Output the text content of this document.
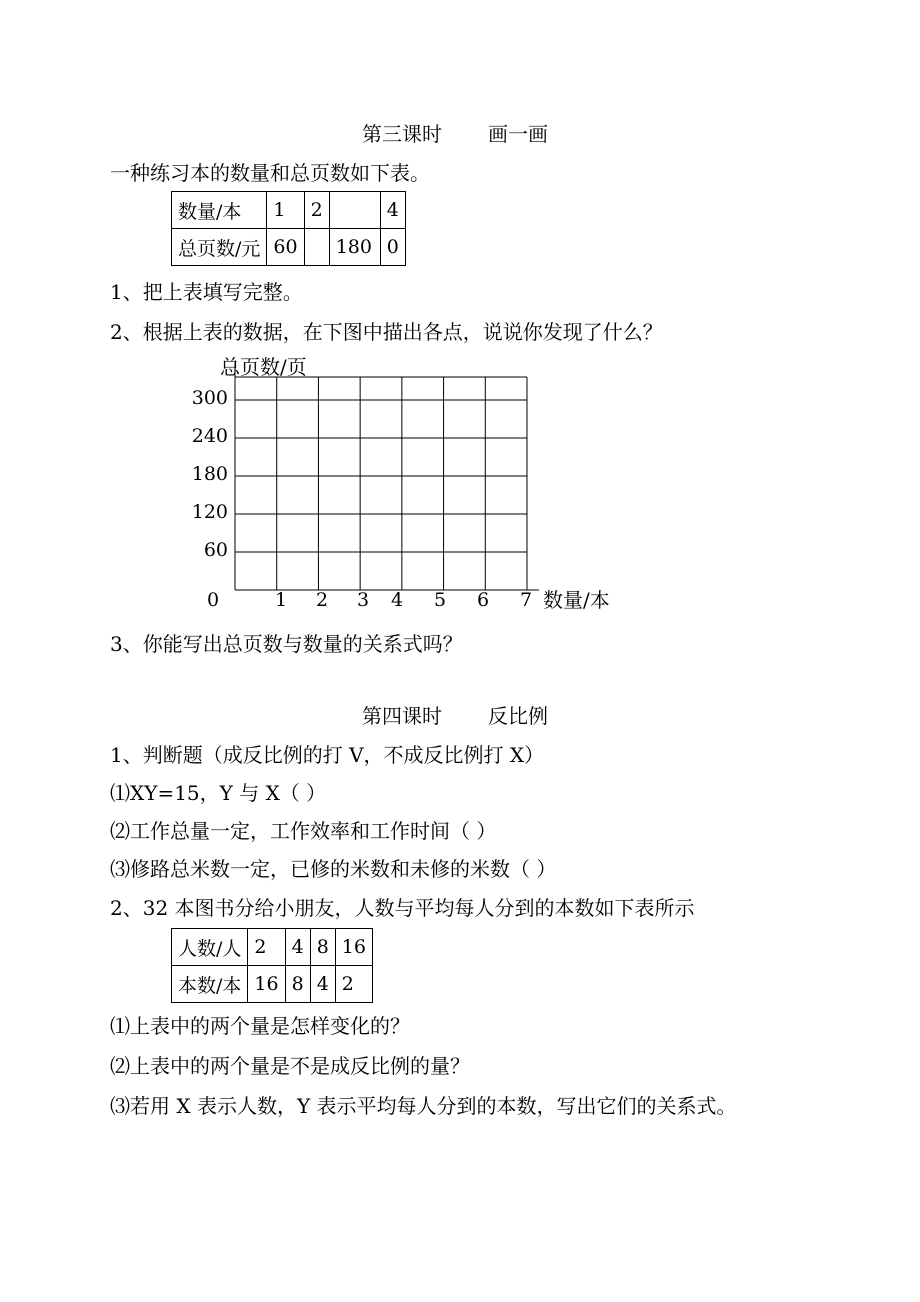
第三课时 画一画
一种练习本的数量和总页数如下表。
数量/本	1	2		4
总页数/元	60		180	0
1、把上表填写完整。
2、根据上表的数据，在下图中描出各点，说说你发现了什么？
总页数/页
60
120
180
240
300
1 2 3 4 5 6 7
0	数量/本
3、你能写出总页数与数量的关系式吗？
第四课时 反比例
1、判断题（成反比例的打 V，不成反比例打 X）
⑴XY=15，Y 与 X（ ）
⑵工作总量一定，工作效率和工作时间（ ）
⑶修路总米数一定，已修的米数和未修的米数（ ）
2、32 本图书分给小朋友，人数与平均每人分到的本数如下表所示
人数/人	2	4	8	16
本数/本	16	8	4	2
⑴上表中的两个量是怎样变化的？
⑵上表中的两个量是不是成反比例的量？
⑶若用 X 表示人数，Y 表示平均每人分到的本数，写出它们的关系式。
